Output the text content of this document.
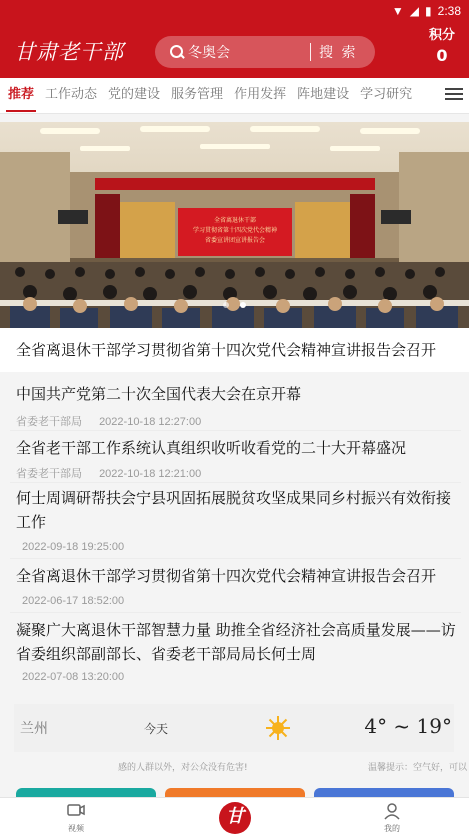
▼ ◢ ▮ 2:38
甘肃老干部	冬奥会	搜 索
积分
0
推荐 工作动态 党的建设 服务管理 作用发挥 阵地建设 学习研究
全省离退休干部
学习贯彻省第十四次党代会精神
省委宣讲团宣讲报告会

全省离退休干部学习贯彻省第十四次党代会精神宣讲报告会召开
中国共产党第二十次全国代表大会在京开幕
省委老干部局 2022-10-18 12:27:00
全省老干部工作系统认真组织收听收看党的二十大开幕盛况
省委老干部局 2022-10-18 12:21:00
何士周调研帮扶会宁县巩固拓展脱贫攻坚成果同乡村振兴有效衔接工作
2022-09-18 19:25:00
全省离退休干部学习贯彻省第十四次党代会精神宣讲报告会召开
2022-06-17 18:52:00
凝聚广大离退休干部智慧力量 助推全省经济社会高质量发展——访省委组织部副部长、省委老干部局局长何士周
2022-07-08 13:20:00
兰州	今天	4° ~ 19°
感的人群以外，对公众没有危害!	温馨提示：空气好，可以
视频
甘
我的
